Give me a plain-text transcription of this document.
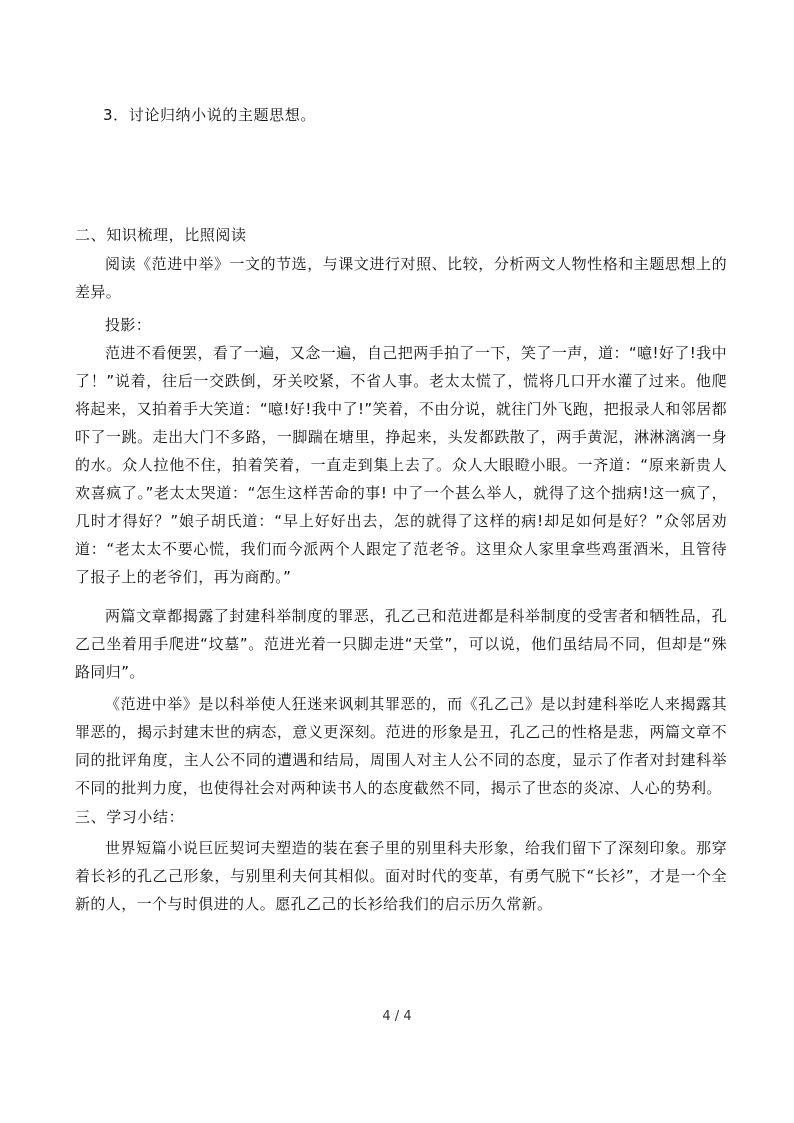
3．讨论归纳小说的主题思想。
二、知识梳理，比照阅读

阅读《范进中举》一文的节选，与课文进行对照、比较，分析两文人物性格和主题思想上的差异。

投影：

范进不看便罢，看了一遍，又念一遍，自己把两手拍了一下，笑了一声，道：“噫!好了!我中了！”说着，往后一交跌倒，牙关咬紧，不省人事。老太太慌了，慌将几口开水灌了过来。他爬将起来，又拍着手大笑道：“噫!好!我中了!”笑着，不由分说，就往门外飞跑，把报录人和邻居都吓了一跳。走出大门不多路，一脚踹在塘里，挣起来，头发都跌散了，两手黄泥，淋淋漓漓一身的水。众人拉他不住，拍着笑着，一直走到集上去了。众人大眼瞪小眼。一齐道：“原来新贵人欢喜疯了。”老太太哭道：“怎生这样苦命的事! 中了一个甚么举人，就得了这个拙病!这一疯了，几时才得好？”娘子胡氏道：“早上好好出去，怎的就得了这样的病!却足如何是好？”众邻居劝道：“老太太不要心慌，我们而今派两个人跟定了范老爷。这里众人家里拿些鸡蛋酒米，且管待了报子上的老爷们，再为商酌。”

两篇文章都揭露了封建科举制度的罪恶，孔乙己和范进都是科举制度的受害者和牺牲品，孔乙己坐着用手爬进“坟墓”。范进光着一只脚走进“天堂”，可以说，他们虽结局不同，但却是“殊路同归”。

《范进中举》是以科举使人狂迷来讽刺其罪恶的，而《孔乙己》是以封建科举吃人来揭露其罪恶的，揭示封建末世的病态，意义更深刻。范进的形象是丑，孔乙己的性格是悲，两篇文章不同的批评角度，主人公不同的遭遇和结局，周围人对主人公不同的态度，显示了作者对封建科举不同的批判力度，也使得社会对两种读书人的态度截然不同，揭示了世态的炎凉、人心的势利。

三、学习小结：

世界短篇小说巨匠契诃夫塑造的装在套子里的别里科夫形象，给我们留下了深刻印象。那穿着长衫的孔乙己形象，与别里利夫何其相似。面对时代的变革，有勇气脱下“长衫”，才是一个全新的人，一个与时俱进的人。愿孔乙己的长衫给我们的启示历久常新。

4 / 4
